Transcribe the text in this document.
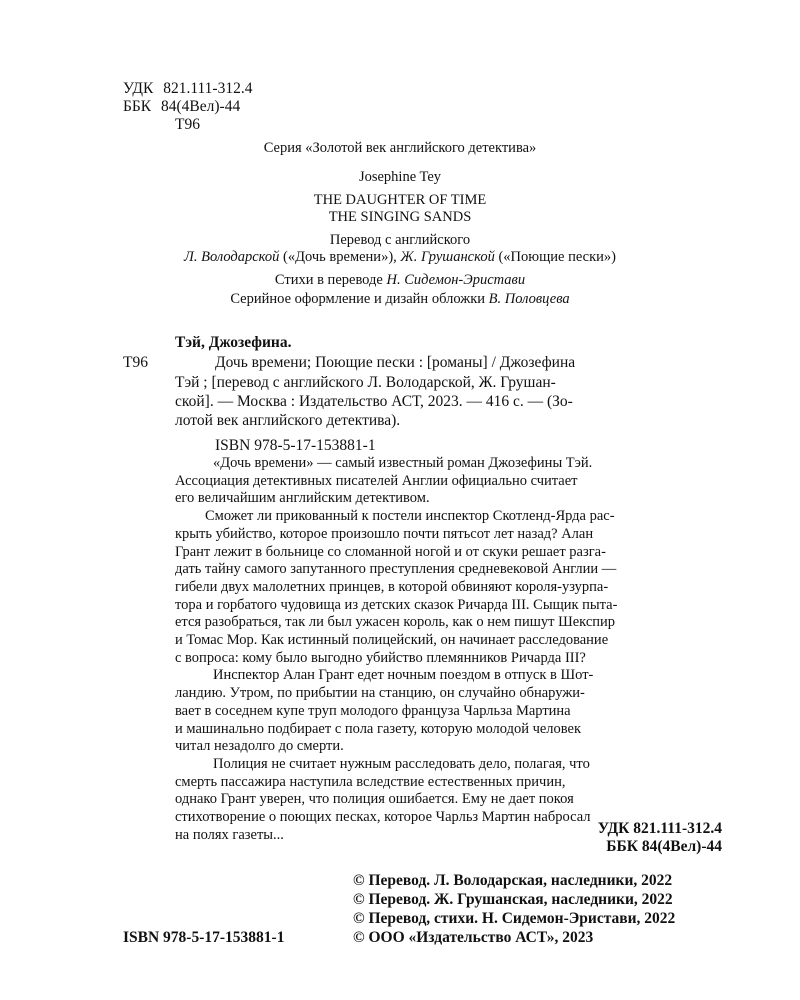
УДК 821.111-312.4
ББК 84(4Вел)-44
Т96
Серия «Золотой век английского детектива»
Josephine Tey
THE DAUGHTER OF TIME
THE SINGING SANDS
Перевод с английского
Л. Володарской («Дочь времени»), Ж. Грушанской («Поющие пески»)
Стихи в переводе Н. Сидемон-Эристави
Серийное оформление и дизайн обложки В. Половцева
Тэй, Джозефина.
Т96	Дочь времени; Поющие пески : [романы] / Джозефина
Тэй ; [перевод с английского Л. Володарской, Ж. Грушан-
ской]. — Москва : Издательство АСТ, 2023. — 416 с. — (Зо-
лотой век английского детектива).
ISBN 978-5-17-153881-1
«Дочь времени» — самый известный роман Джозефины Тэй.
Ассоциация детективных писателей Англии официально считает
его величайшим английским детективом.
Сможет ли прикованный к постели инспектор Скотленд-Ярда рас-
крыть убийство, которое произошло почти пятьсот лет назад? Алан
Грант лежит в больнице со сломанной ногой и от скуки решает разга-
дать тайну самого запутанного преступления средневековой Англии —
гибели двух малолетних принцев, в которой обвиняют короля-узурпа-
тора и горбатого чудовища из детских сказок Ричарда III. Сыщик пыта-
ется разобраться, так ли был ужасен король, как о нем пишут Шекспир
и Томас Мор. Как истинный полицейский, он начинает расследование
с вопроса: кому было выгодно убийство племянников Ричарда III?
Инспектор Алан Грант едет ночным поездом в отпуск в Шот-
ландию. Утром, по прибытии на станцию, он случайно обнаружи-
вает в соседнем купе труп молодого француза Чарльза Мартина
и машинально подбирает с пола газету, которую молодой человек
читал незадолго до смерти.
Полиция не считает нужным расследовать дело, полагая, что
смерть пассажира наступила вследствие естественных причин,
однако Грант уверен, что полиция ошибается. Ему не дает покоя
стихотворение о поющих песках, которое Чарльз Мартин набросал
на полях газеты...	УДК 821.111-312.4
ББК 84(4Вел)-44
© Перевод. Л. Володарская, наследники, 2022
© Перевод. Ж. Грушанская, наследники, 2022
© Перевод, стихи. Н. Сидемон-Эристави, 2022
© ООО «Издательство АСТ», 2023
ISBN 978-5-17-153881-1
